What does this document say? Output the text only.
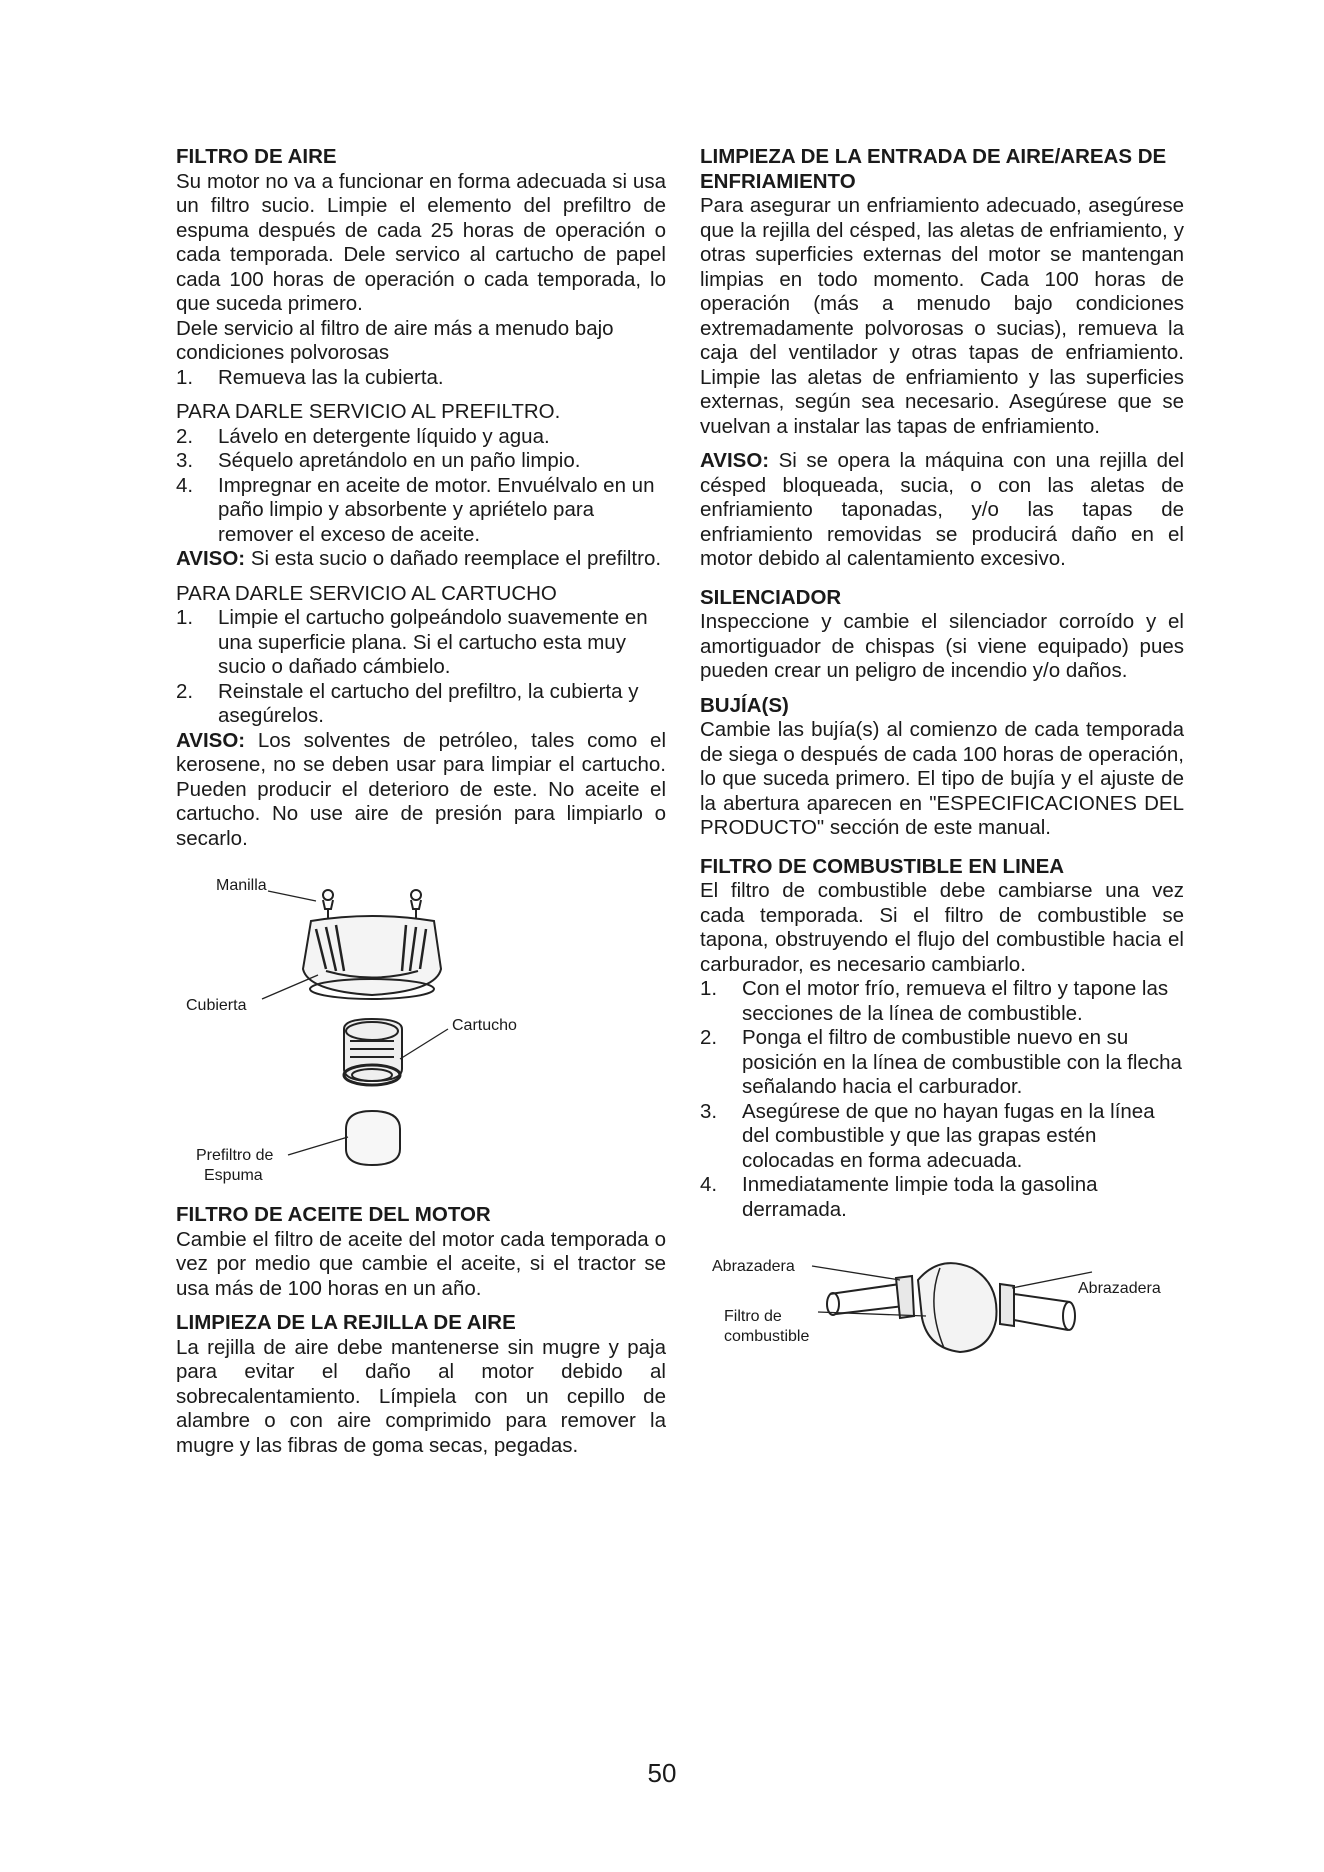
FILTRO DE AIRE

Su motor no va a funcionar en forma adecuada si usa un filtro sucio. Limpie el elemento del prefiltro de espuma después de cada 25 horas de operación o cada temporada. Dele servico al cartucho de papel cada 100 horas de operación o cada temporada, lo que suceda primero.

Dele servicio al filtro de aire más a menudo bajo condiciones polvorosas

1. Remueva las la cubierta.

PARA DARLE SERVICIO AL PREFILTRO.

2. Lávelo en detergente líquido y agua.
3. Séquelo apretándolo en un paño limpio.
4. Impregnar en aceite de motor. Envuélvalo en un paño limpio y absorbente y apriételo para remover el exceso de aceite.

AVISO: Si esta sucio o dañado reemplace el prefiltro.

PARA DARLE SERVICIO AL CARTUCHO

1. Limpie el cartucho golpeándolo suavemente en una superficie plana. Si el cartucho esta muy sucio o dañado cámbielo.
2. Reinstale el cartucho del prefiltro, la cubierta y asegúrelos.

AVISO: Los solventes de petróleo, tales como el kerosene, no se deben usar para limpiar el cartucho. Pueden producir el deterioro de este. No aceite el cartucho. No use aire de presión para limpiarlo o secarlo.

Manilla
Cubierta
Cartucho
Prefiltro de
Espuma
FILTRO DE ACEITE DEL MOTOR

Cambie el filtro de aceite del motor cada temporada o vez por medio que cambie el aceite, si el tractor se usa más de 100 horas en un año.

LIMPIEZA DE LA REJILLA DE AIRE

La rejilla de aire debe mantenerse sin mugre y paja para evitar el daño al motor debido al sobrecalentamiento. Límpiela con un cepillo de alambre o con aire comprimido para remover la mugre y las fibras de goma secas, pegadas.

LIMPIEZA DE LA ENTRADA DE AIRE/AREAS DE ENFRIAMIENTO

Para asegurar un enfriamiento adecuado, asegúrese que la rejilla del césped, las aletas de enfriamiento, y otras superficies externas del motor se mantengan limpias en todo momento. Cada 100 horas de operación (más a menudo bajo condiciones extremadamente polvorosas o sucias), remueva la caja del ventilador y otras tapas de enfriamiento. Limpie las aletas de enfriamiento y las superficies externas, según sea necesario. Asegúrese que se vuelvan a instalar las tapas de enfriamiento.

AVISO: Si se opera la máquina con una rejilla del césped bloqueada, sucia, o con las aletas de enfriamiento taponadas, y/o las tapas de enfriamiento removidas se producirá daño en el motor debido al calentamiento excesivo.

SILENCIADOR

Inspeccione y cambie el silenciador corroído y el amortiguador de chispas (si viene equipado) pues pueden crear un peligro de incendio y/o daños.

BUJÍA(S)

Cambie las bujía(s) al comienzo de cada temporada de siega o después de cada 100 horas de operación, lo que suceda primero. El tipo de bujía y el ajuste de la abertura aparecen en "ESPECIFICACIONES DEL PRODUCTO" sección de este manual.

FILTRO DE COMBUSTIBLE EN LINEA

El filtro de combustible debe cambiarse una vez cada temporada. Si el filtro de combustible se tapona, obstruyendo el flujo del combustible hacia el carburador, es necesario cambiarlo.

1. Con el motor frío, remueva el filtro y tapone las secciones de la línea de combustible.
2. Ponga el filtro de combustible nuevo en su posición en la línea de combustible con la flecha señalando hacia el carburador.
3. Asegúrese de que no hayan fugas en la línea del combustible y que las grapas estén colocadas en forma adecuada.
4. Inmediatamente limpie toda la gasolina derramada.
Abrazadera
Abrazadera
Filtro de
combustible
50
